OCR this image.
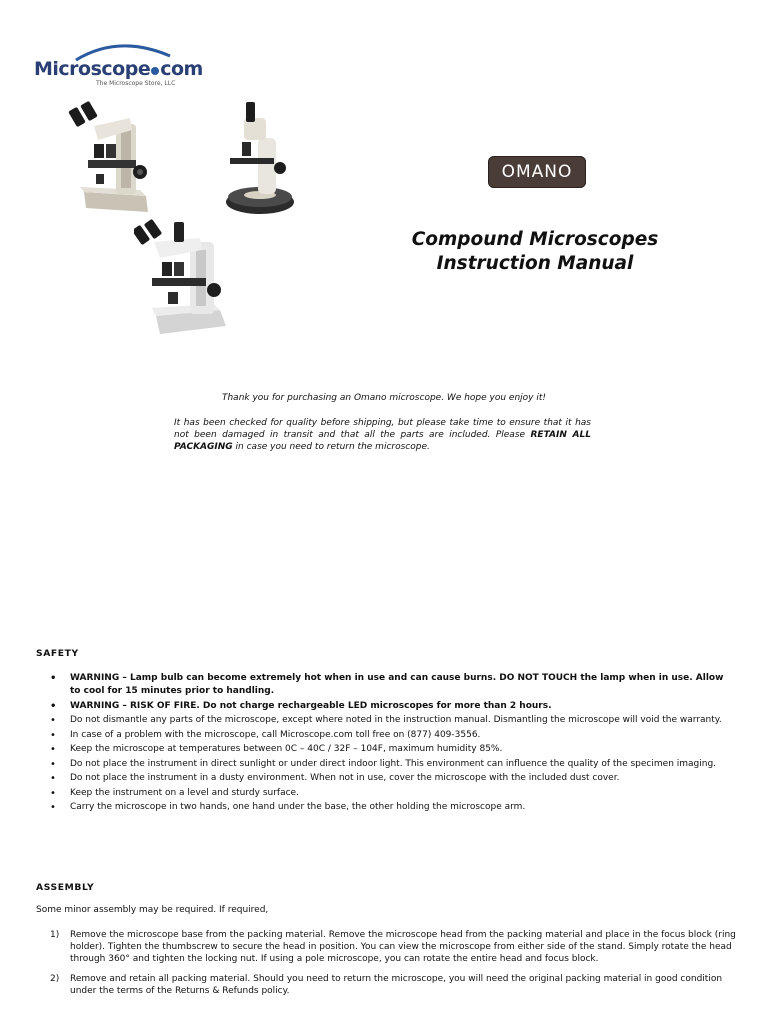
Microscope com
The Microscope Store, LLC
OMANO
Compound Microscopes
Instruction Manual
Thank you for purchasing an Omano microscope. We hope you enjoy it!
It has been checked for quality before shipping, but please take time to ensure that it has not been damaged in transit and that all the parts are included. Please RETAIN ALL PACKAGING in case you need to return the microscope.
SAFETY
• WARNING – Lamp bulb can become extremely hot when in use and can cause burns. DO NOT TOUCH the lamp when in use. Allow to cool for 15 minutes prior to handling.
• WARNING – RISK OF FIRE. Do not charge rechargeable LED microscopes for more than 2 hours.
• Do not dismantle any parts of the microscope, except where noted in the instruction manual. Dismantling the microscope will void the warranty.
• In case of a problem with the microscope, call Microscope.com toll free on (877) 409-3556.
• Keep the microscope at temperatures between 0C – 40C / 32F – 104F, maximum humidity 85%.
• Do not place the instrument in direct sunlight or under direct indoor light. This environment can influence the quality of the specimen imaging.
• Do not place the instrument in a dusty environment. When not in use, cover the microscope with the included dust cover.
• Keep the instrument on a level and sturdy surface.
• Carry the microscope in two hands, one hand under the base, the other holding the microscope arm.
ASSEMBLY
Some minor assembly may be required. If required,
1) Remove the microscope base from the packing material. Remove the microscope head from the packing material and place in the focus block (ring holder). Tighten the thumbscrew to secure the head in position. You can view the microscope from either side of the stand. Simply rotate the head through 360° and tighten the locking nut. If using a pole microscope, you can rotate the entire head and focus block.
2) Remove and retain all packing material. Should you need to return the microscope, you will need the original packing material in good condition under the terms of the Returns & Refunds policy.
